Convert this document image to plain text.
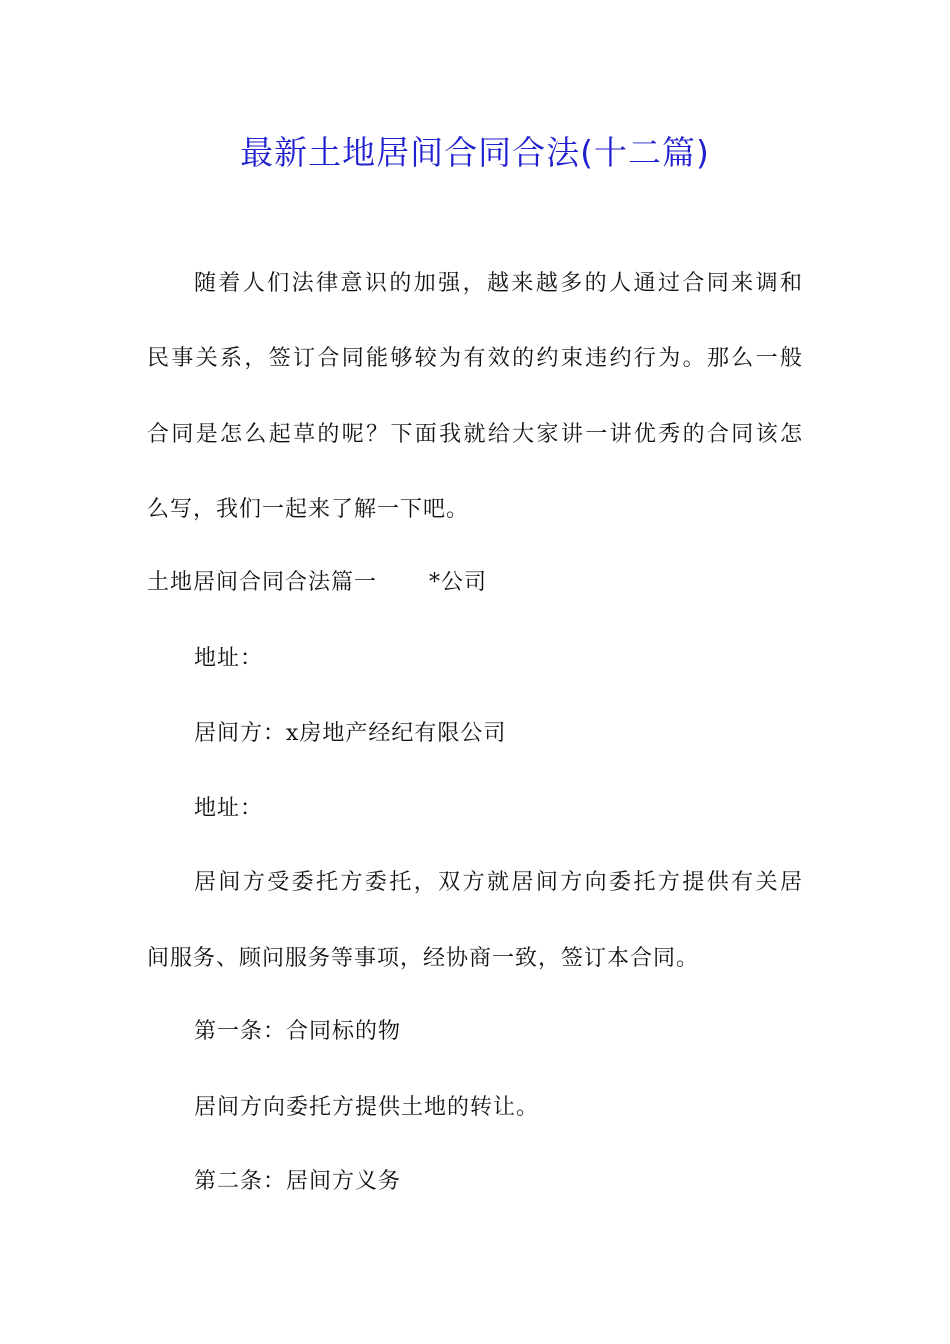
最新土地居间合同合法(十二篇)
随着人们法律意识的加强，越来越多的人通过合同来调和
民事关系，签订合同能够较为有效的约束违约行为。那么一般
合同是怎么起草的呢？下面我就给大家讲一讲优秀的合同该怎
么写，我们一起来了解一下吧。
土地居间合同合法篇一 *公司
地址：
居间方：x房地产经纪有限公司
地址：
居间方受委托方委托，双方就居间方向委托方提供有关居
间服务、顾问服务等事项，经协商一致，签订本合同。
第一条：合同标的物
居间方向委托方提供土地的转让。
第二条：居间方义务
